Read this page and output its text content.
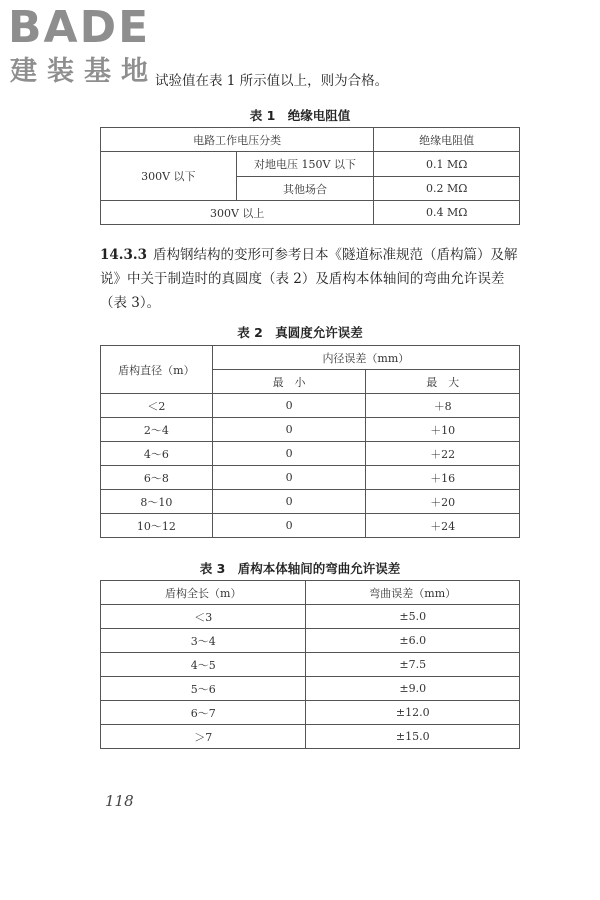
BADE
建装基地
试验值在表 1 所示值以上，则为合格。
表 1　绝缘电阻值
电路工作电压分类		绝缘电阻值
300V 以下	对地电压 150V 以下	0.1 MΩ
	其他场合	0.2 MΩ
300V 以上		0.4 MΩ
14.3.3 盾构钢结构的变形可参考日本《隧道标准规范（盾构篇）及解说》中关于制造时的真圆度（表 2）及盾构本体轴间的弯曲允许误差（表 3）。
表 2　真圆度允许误差
盾构直径（m）	内径误差（mm）	
	最　小	最　大
＜2	0	＋8
2～4	0	＋10
4～6	0	＋22
6～8	0	＋16
8～10	0	＋20
10～12	0	＋24
表 3　盾构本体轴间的弯曲允许误差
盾构全长（m）	弯曲误差（mm）
＜3	±5.0
3～4	±6.0
4～5	±7.5
5～6	±9.0
6～7	±12.0
＞7	±15.0
118
